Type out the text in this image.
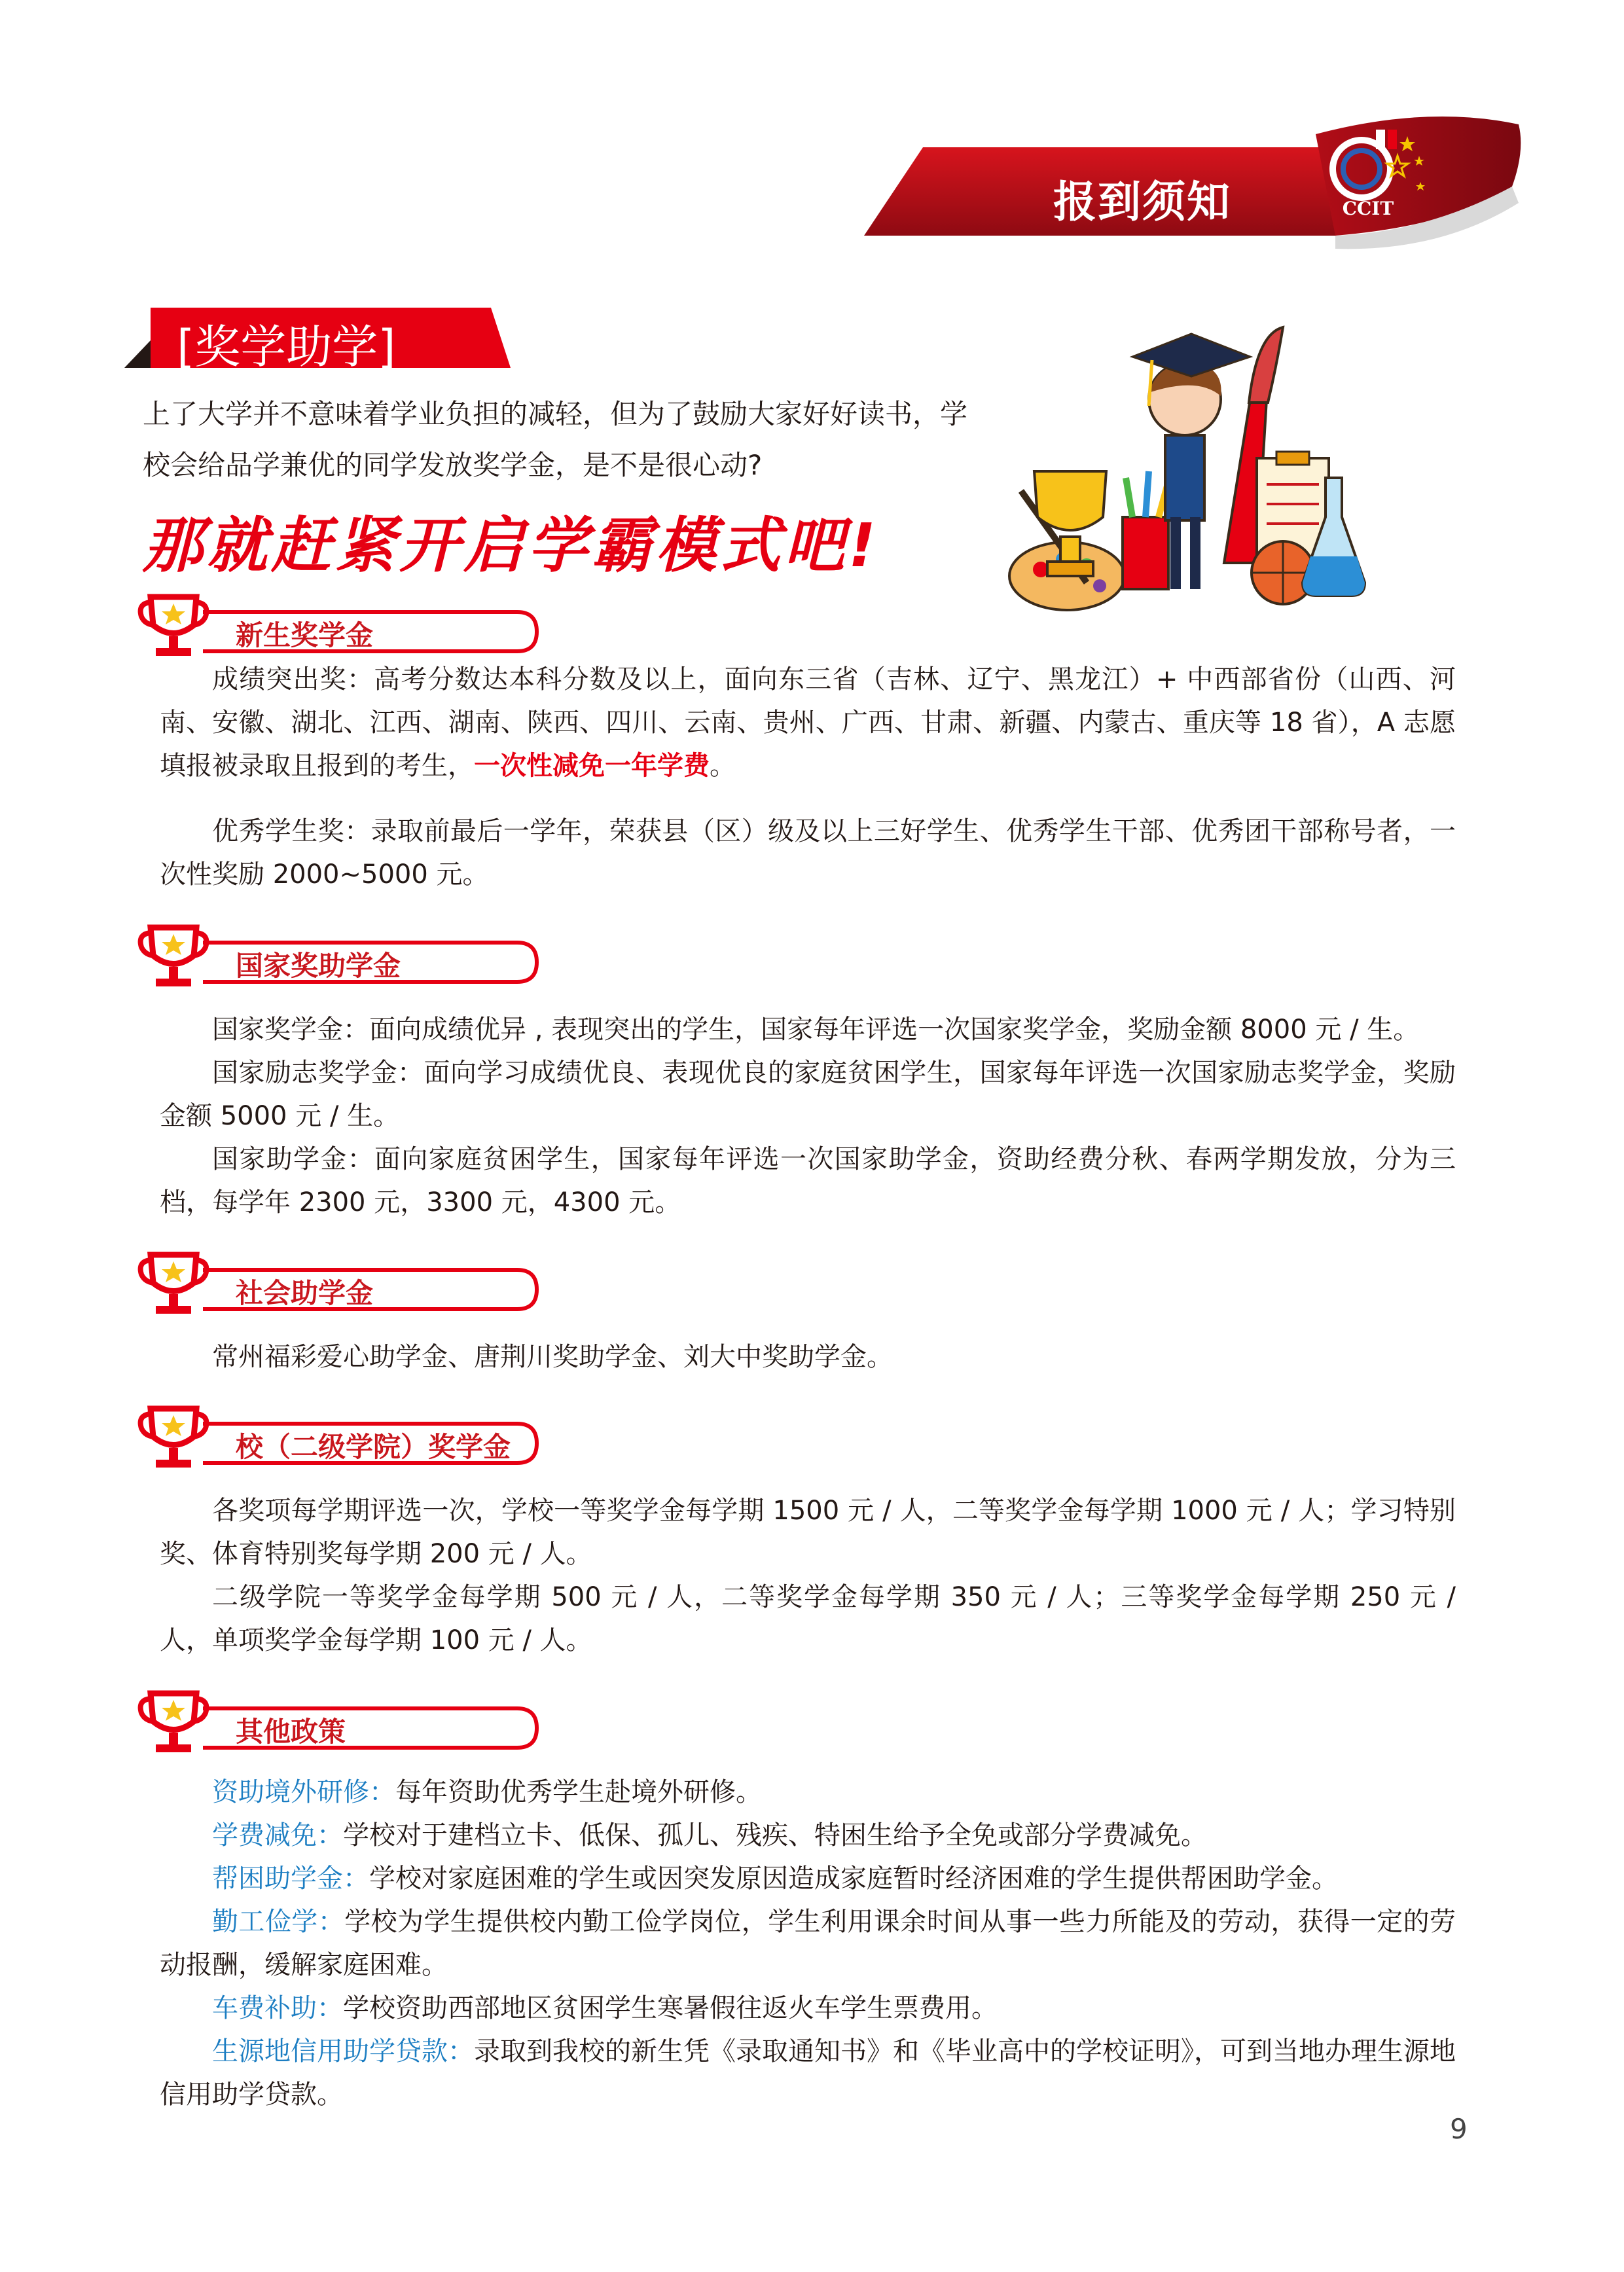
报到须知	CCIT
[奖学助学]
上了大学并不意味着学业负担的减轻，但为了鼓励大家好好读书，学
校会给品学兼优的同学发放奖学金，是不是很心动?
那就赶紧开启学霸模式吧!
新生奖学金

成绩突出奖：高考分数达本科分数及以上，面向东三省（吉林、辽宁、黑龙江）+ 中西部省份（山西、河南、安徽、湖北、江西、湖南、陕西、四川、云南、贵州、广西、甘肃、新疆、内蒙古、重庆等 18 省），A 志愿填报被录取且报到的考生，一次性减免一年学费。

优秀学生奖：录取前最后一学年，荣获县（区）级及以上三好学生、优秀学生干部、优秀团干部称号者，一次性奖励 2000~5000 元。

国家奖助学金

国家奖学金：面向成绩优异 , 表现突出的学生，国家每年评选一次国家奖学金，奖励金额 8000 元 / 生。

国家励志奖学金：面向学习成绩优良、表现优良的家庭贫困学生，国家每年评选一次国家励志奖学金，奖励金额 5000 元 / 生。

国家助学金：面向家庭贫困学生，国家每年评选一次国家助学金，资助经费分秋、春两学期发放，分为三档，每学年 2300 元，3300 元，4300 元。

社会助学金

常州福彩爱心助学金、唐荆川奖助学金、刘大中奖助学金。

校（二级学院）奖学金

各奖项每学期评选一次，学校一等奖学金每学期 1500 元 / 人，二等奖学金每学期 1000 元 / 人；学习特别奖、体育特别奖每学期 200 元 / 人。

二级学院一等奖学金每学期 500 元 / 人，二等奖学金每学期 350 元 / 人；三等奖学金每学期 250 元 / 人，单项奖学金每学期 100 元 / 人。

其他政策

资助境外研修：每年资助优秀学生赴境外研修。

学费减免：学校对于建档立卡、低保、孤儿、残疾、特困生给予全免或部分学费减免。

帮困助学金：学校对家庭困难的学生或因突发原因造成家庭暂时经济困难的学生提供帮困助学金。

勤工俭学：学校为学生提供校内勤工俭学岗位，学生利用课余时间从事一些力所能及的劳动，获得一定的劳动报酬，缓解家庭困难。

车费补助：学校资助西部地区贫困学生寒暑假往返火车学生票费用。

生源地信用助学贷款：录取到我校的新生凭《录取通知书》和《毕业高中的学校证明》，可到当地办理生源地信用助学贷款。

9
